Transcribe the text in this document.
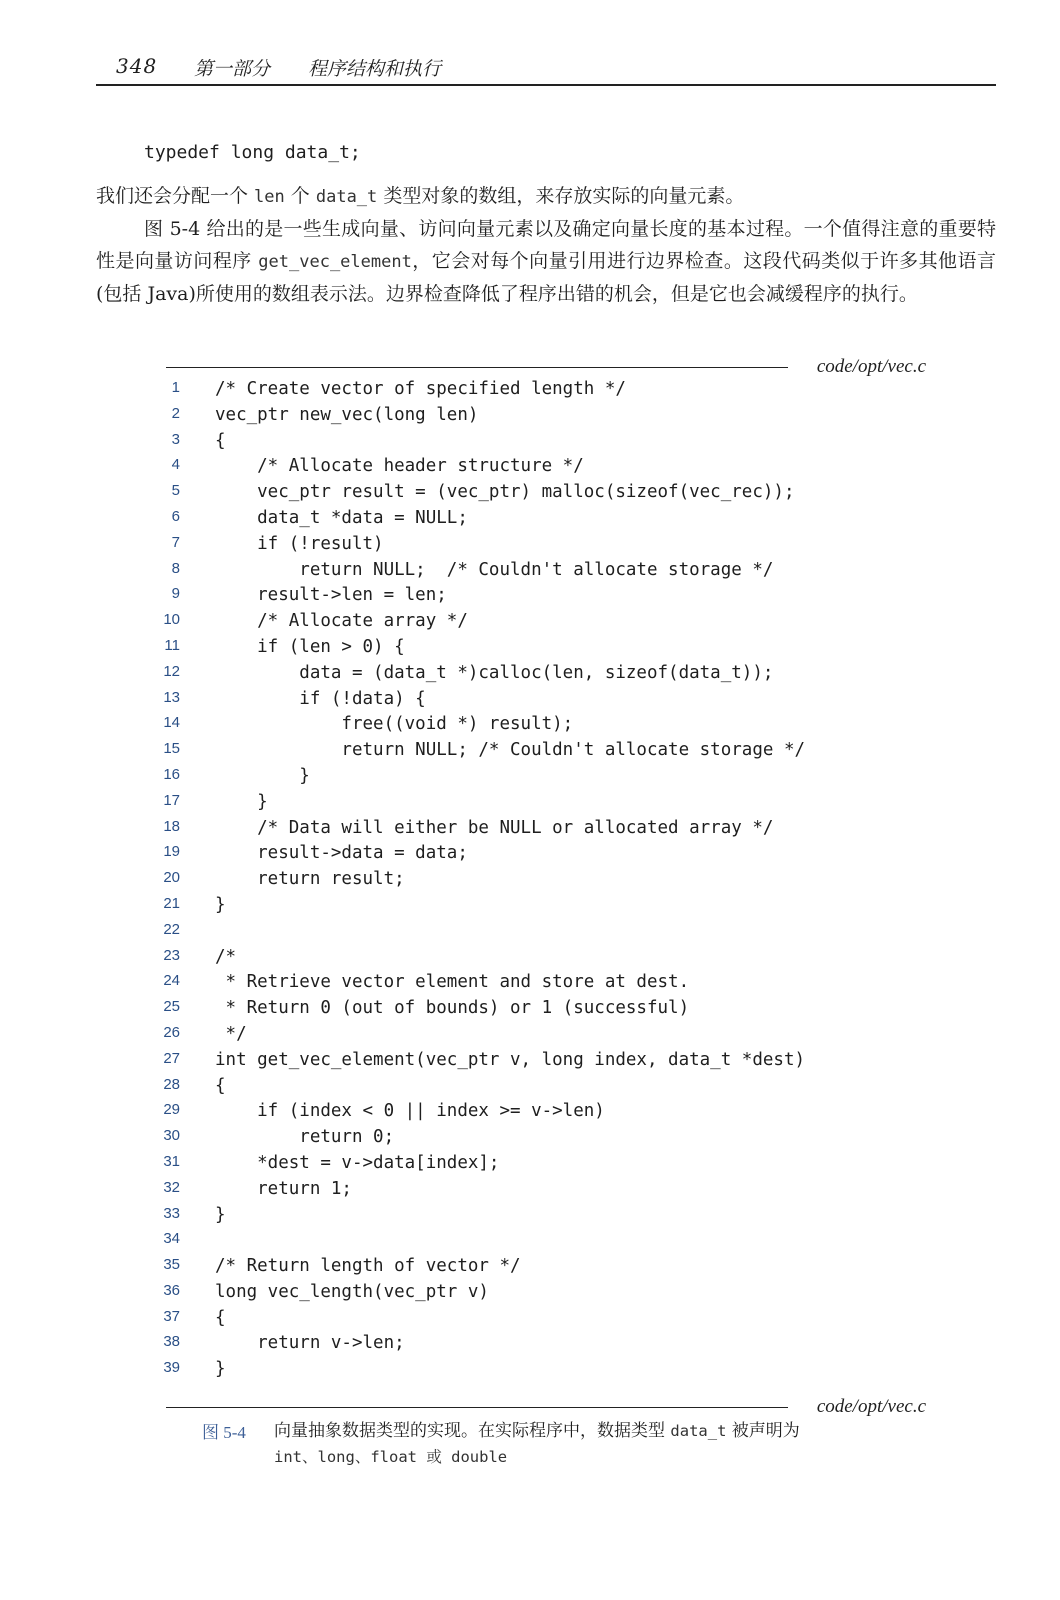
348 第一部分 程序结构和执行
typedef long data_t;

我们还会分配一个 len 个 data_t 类型对象的数组，来存放实际的向量元素。

图 5-4 给出的是一些生成向量、访问向量元素以及确定向量长度的基本过程。一个值得注意的重要特性是向量访问程序 get_vec_element，它会对每个向量引用进行边界检查。这段代码类似于许多其他语言(包括 Java)所使用的数组表示法。边界检查降低了程序出错的机会，但是它也会减缓程序的执行。

code/opt/vec.c
1 /* Create vector of specified length */
2 vec_ptr new_vec(long len)
3 {
4 /* Allocate header structure */
5 vec_ptr result = (vec_ptr) malloc(sizeof(vec_rec));
6 data_t *data = NULL;
7 if (!result)
8 return NULL;  /* Couldn't allocate storage */
9 result->len = len;
10 /* Allocate array */
11 if (len > 0) {
12 data = (data_t *)calloc(len, sizeof(data_t));
13 if (!data) {
14 free((void *) result);
15 return NULL; /* Couldn't allocate storage */
16 }
17 }
18 /* Data will either be NULL or allocated array */
19 result->data = data;
20 return result;
21 }
22
23 /*
24 * Retrieve vector element and store at dest.
25 * Return 0 (out of bounds) or 1 (successful)
26 */
27 int get_vec_element(vec_ptr v, long index, data_t *dest)
28 {
29 if (index < 0 || index >= v->len)
30 return 0;
31 *dest = v->data[index];
32 return 1;
33 }
34
35 /* Return length of vector */
36 long vec_length(vec_ptr v)
37 {
38 return v->len;
39 }
code/opt/vec.c
图 5-4 向量抽象数据类型的实现。在实际程序中，数据类型 data_t 被声明为
int、long、float 或 double
